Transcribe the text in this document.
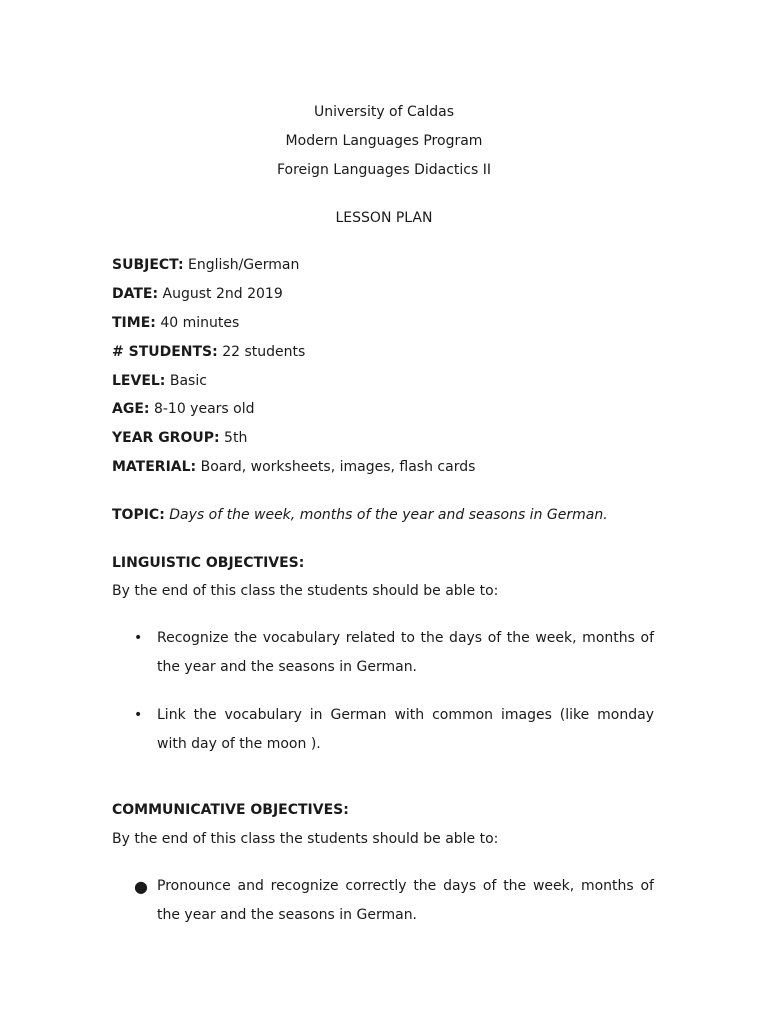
University of Caldas
Modern Languages Program
Foreign Languages Didactics II
LESSON PLAN
SUBJECT: English/German
DATE: August 2nd 2019
TIME: 40 minutes
# STUDENTS: 22 students
LEVEL: Basic
AGE: 8-10 years old
YEAR GROUP: 5th
MATERIAL: Board, worksheets, images, flash cards
TOPIC: Days of the week, months of the year and seasons in German.
LINGUISTIC OBJECTIVES:
By the end of this class the students should be able to:
• Recognize the vocabulary related to the days of the week, months of the year and the seasons in German.
• Link the vocabulary in German with common images (like monday with day of the moon ).
COMMUNICATIVE OBJECTIVES:
By the end of this class the students should be able to:
● Pronounce and recognize correctly the days of the week, months of the year and the seasons in German.
